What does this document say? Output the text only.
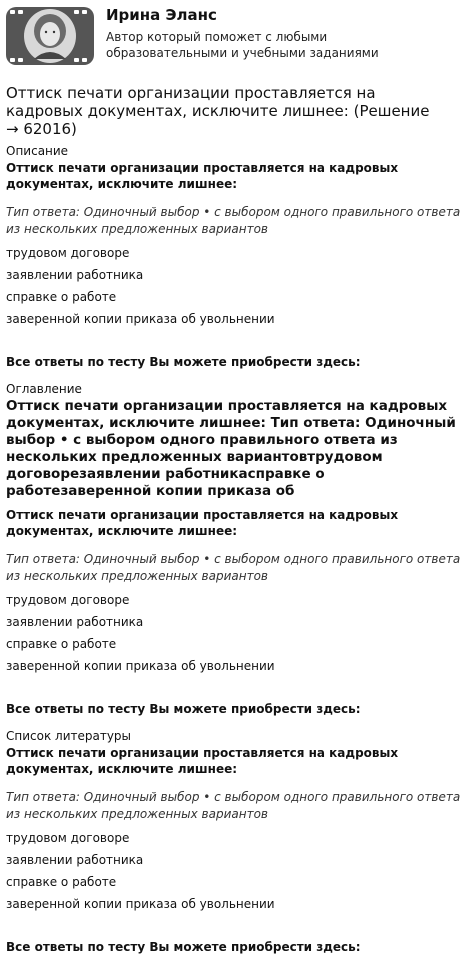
Ирина Эланс
Автор который поможет с любыми образовательными и учебными заданиями
Оттиск печати организации проставляется на кадровых документах, исключите лишнее: (Решение → 62016)
Описание
Оттиск печати организации проставляется на кадровых документах, исключите лишнее:
Тип ответа: Одиночный выбор • с выбором одного правильного ответа из нескольких предложенных вариантов
трудовом договоре
заявлении работника
справке о работе
заверенной копии приказа об увольнении
Все ответы по тесту Вы можете приобрести здесь:
Оглавление
Оттиск печати организации проставляется на кадровых документах, исключите лишнее: Тип ответа: Одиночный выбор • с выбором одного правильного ответа из нескольких предложенных вариантовтрудовом договорезаявлении работникасправке о работезаверенной копии приказа об
Оттиск печати организации проставляется на кадровых документах, исключите лишнее:
Тип ответа: Одиночный выбор • с выбором одного правильного ответа из нескольких предложенных вариантов
трудовом договоре
заявлении работника
справке о работе
заверенной копии приказа об увольнении
Все ответы по тесту Вы можете приобрести здесь:
Список литературы
Оттиск печати организации проставляется на кадровых документах, исключите лишнее:
Тип ответа: Одиночный выбор • с выбором одного правильного ответа из нескольких предложенных вариантов
трудовом договоре
заявлении работника
справке о работе
заверенной копии приказа об увольнении
Все ответы по тесту Вы можете приобрести здесь:
